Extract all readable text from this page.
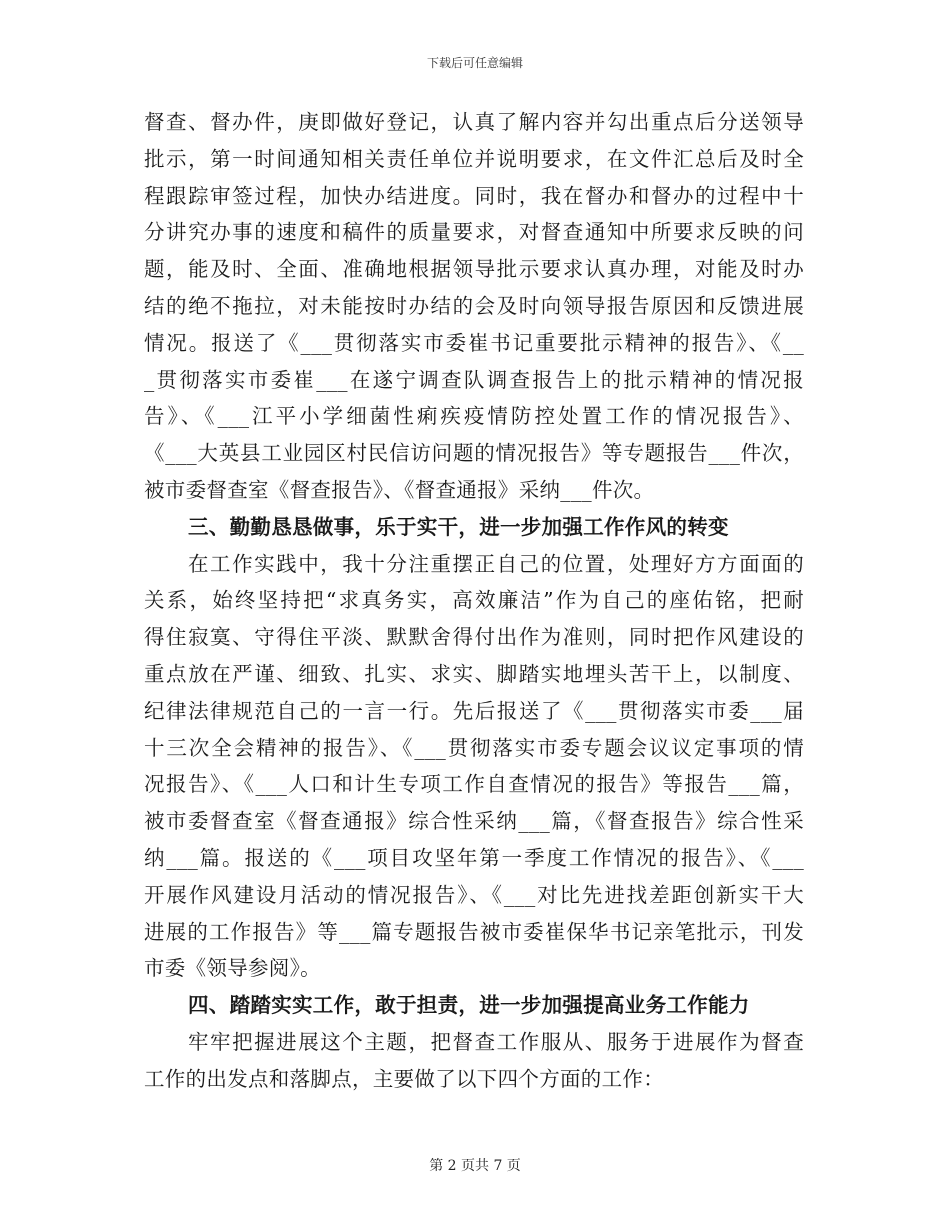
下载后可任意编辑
督查、督办件，庚即做好登记，认真了解内容并勾出重点后分送领导
批示，第一时间通知相关责任单位并说明要求，在文件汇总后及时全
程跟踪审签过程，加快办结进度。同时，我在督办和督办的过程中十
分讲究办事的速度和稿件的质量要求，对督查通知中所要求反映的问
题，能及时、全面、准确地根据领导批示要求认真办理，对能及时办
结的绝不拖拉，对未能按时办结的会及时向领导报告原因和反馈进展
情况。报送了《___贯彻落实市委崔书记重要批示精神的报告》、《__
_贯彻落实市委崔___在遂宁调查队调查报告上的批示精神的情况报
告》、《___江平小学细菌性痢疾疫情防控处置工作的情况报告》、
《___大英县工业园区村民信访问题的情况报告》等专题报告___件次，
被市委督查室《督查报告》、《督查通报》采纳___件次。
三、勤勤恳恳做事，乐于实干，进一步加强工作作风的转变
在工作实践中，我十分注重摆正自己的位置，处理好方方面面的
关系，始终坚持把“求真务实，高效廉洁”作为自己的座佑铭，把耐
得住寂寞、守得住平淡、默默舍得付出作为准则，同时把作风建设的
重点放在严谨、细致、扎实、求实、脚踏实地埋头苦干上，以制度、
纪律法律规范自己的一言一行。先后报送了《___贯彻落实市委___届
十三次全会精神的报告》、《___贯彻落实市委专题会议议定事项的情
况报告》、《___人口和计生专项工作自查情况的报告》等报告___篇，
被市委督查室《督查通报》综合性采纳___篇，《督查报告》综合性采
纳___篇。报送的《___项目攻坚年第一季度工作情况的报告》、《___
开展作风建设月活动的情况报告》、《___对比先进找差距创新实干大
进展的工作报告》等___篇专题报告被市委崔保华书记亲笔批示，刊发
市委《领导参阅》。
四、踏踏实实工作，敢于担责，进一步加强提高业务工作能力
牢牢把握进展这个主题，把督查工作服从、服务于进展作为督查
工作的出发点和落脚点，主要做了以下四个方面的工作：
第 2 页共 7 页
